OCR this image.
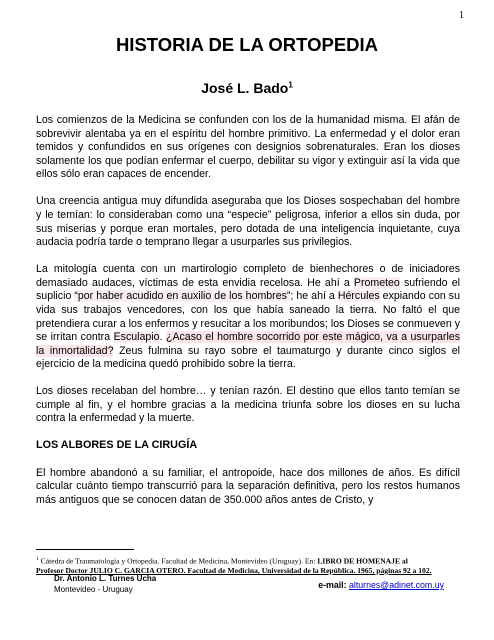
1
HISTORIA DE LA ORTOPEDIA
José L. Bado$^1$

Los comienzos de la Medicina se confunden con los de la humanidad misma. El afán de sobrevivir alentaba ya en el espíritu del hombre primitivo. La enfermedad y el dolor eran temidos y confundidos en sus orígenes con designios sobrenaturales. Eran los dioses solamente los que podían enfermar el cuerpo, debilitar su vigor y extinguir así la vida que ellos sólo eran capaces de encender.

Una creencia antigua muy difundida aseguraba que los Dioses sospechaban del hombre y le temían: lo consideraban como una “especie” peligrosa, inferior a ellos sin duda, por sus miserias y porque eran mortales, pero dotada de una inteligencia inquietante, cuya audacia podría tarde o temprano llegar a usurparles sus privilegios.

La mitología cuenta con un martirologio completo de bienhechores o de iniciadores demasiado audaces, víctimas de esta envidia recelosa. He ahí a Prometeo sufriendo el suplicio “por haber acudido en auxilio de los hombres”; he ahí a Hércules expiando con su vida sus trabajos vencedores, con los que había saneado la tierra. No faltó el que pretendiera curar a los enfermos y resucitar a los moribundos; los Dioses se conmueven y se irritan contra Esculapio. ¿Acaso el hombre socorrido por este mágico, va a usurparles la inmortalidad? Zeus fulmina su rayo sobre el taumaturgo y durante cinco siglos el ejercicio de la medicina quedó prohibido sobre la tierra.

Los dioses recelaban del hombre… y tenían razón. El destino que ellos tanto temían se cumple al fin, y el hombre gracias a la medicina triunfa sobre los dioses en su lucha contra la enfermedad y la muerte.

LOS ALBORES DE LA CIRUGÍA

El hombre abandonó a su familiar, el antropoide, hace dos millones de años. Es difícil calcular cuánto tiempo transcurrió para la separación definitiva, pero los restos humanos más antiguos que se conocen datan de 350.000 años antes de Cristo, y

$^1$ Cátedra de Traumatología y Ortopedia. Facultad de Medicina, Montevideo (Uruguay). En: LIBRO DE HOMENAJE al
Profesor Doctor JULIO C. GARCIA OTERO. Facultad de Medicina, Universidad de la República. 1965, páginas 92 a 102.
Dr. Antonio L. Turnes Ucha
Montevideo - Uruguay	e-mail: alturnes@adinet.com.uy
